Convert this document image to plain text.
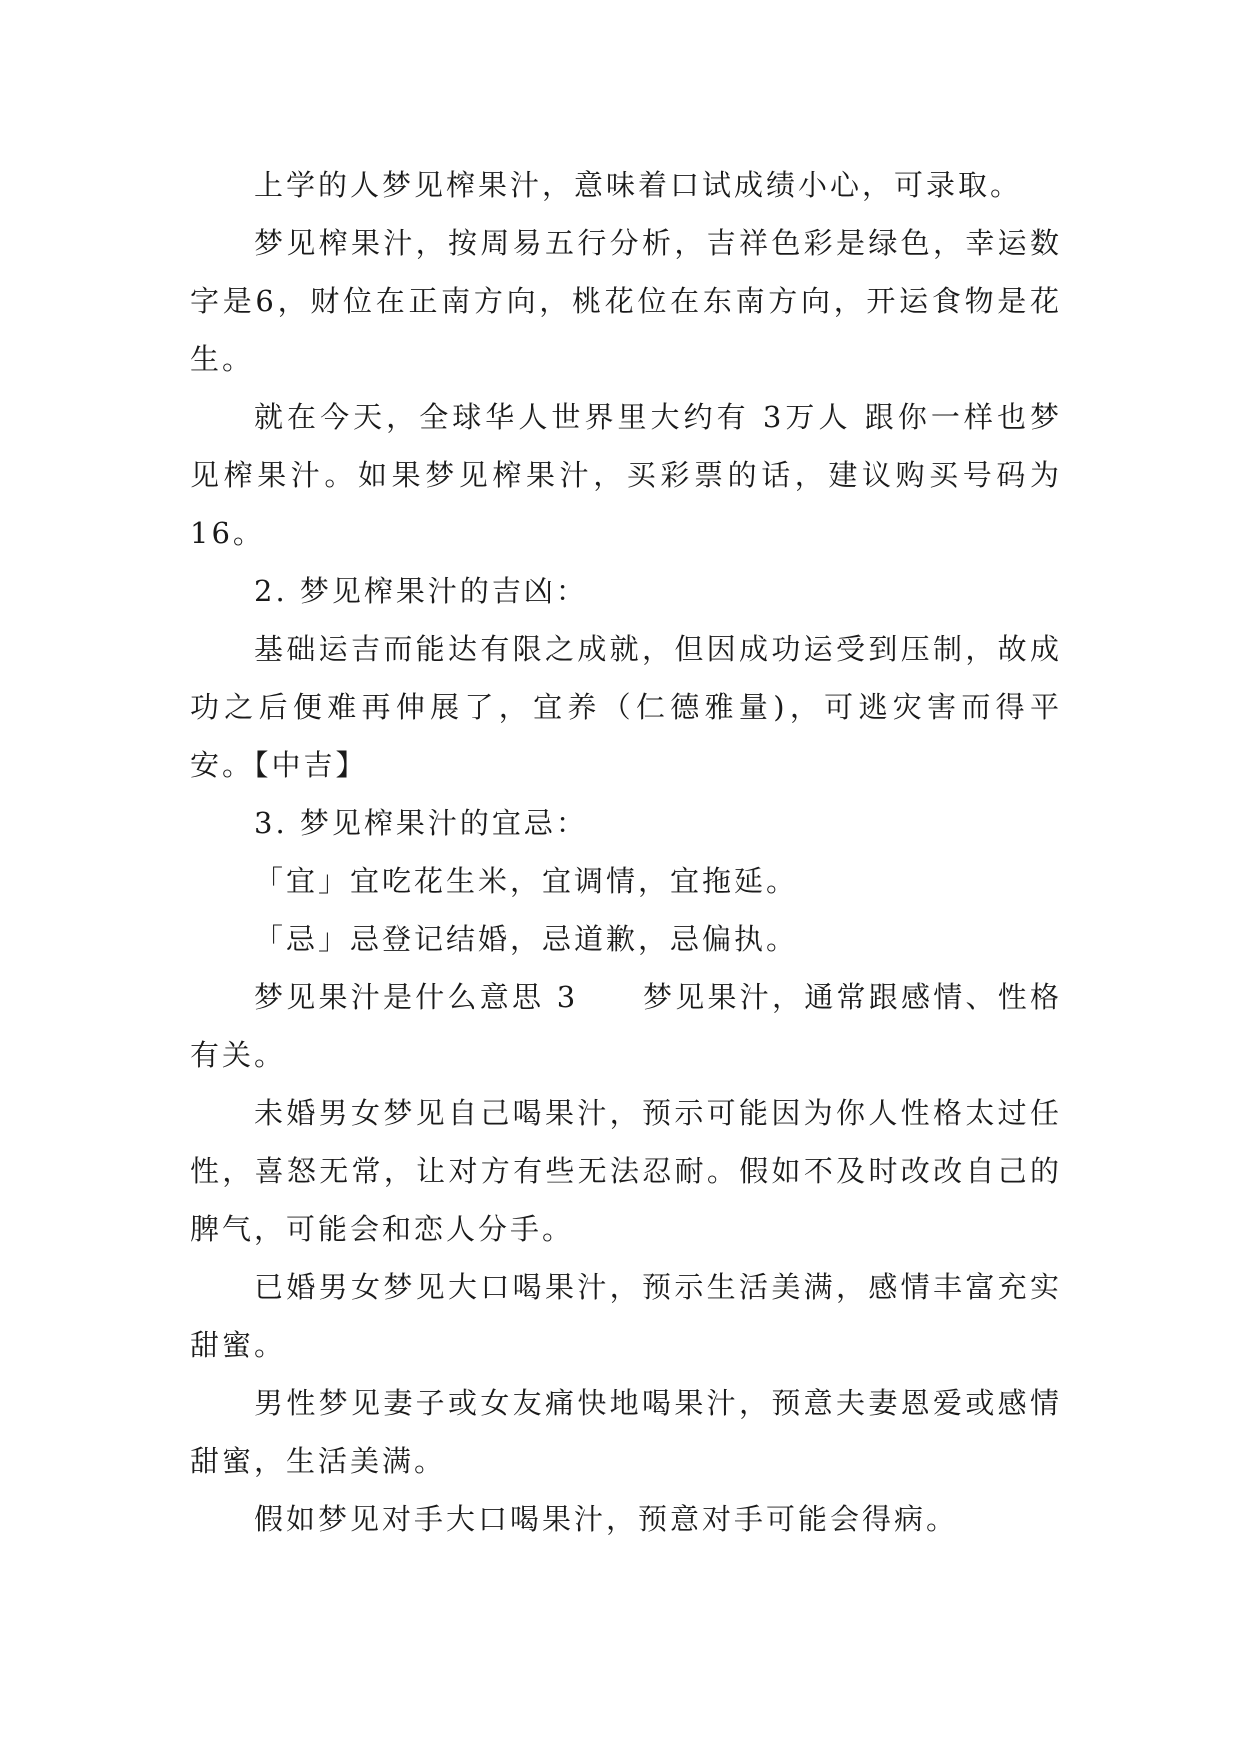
上学的人梦见榨果汁，意味着口试成绩小心，可录取。

梦见榨果汁，按周易五行分析，吉祥色彩是绿色，幸运数字是6，财位在正南方向，桃花位在东南方向，开运食物是花生。

就在今天，全球华人世界里大约有 3万人 跟你一样也梦见榨果汁。如果梦见榨果汁，买彩票的话，建议购买号码为 16。

2. 梦见榨果汁的吉凶：

基础运吉而能达有限之成就，但因成功运受到压制，故成功之后便难再伸展了，宜养（仁德雅量)，可逃灾害而得平安。【中吉】

3. 梦见榨果汁的宜忌：

「宜」宜吃花生米，宜调情，宜拖延。

「忌」忌登记结婚，忌道歉，忌偏执。

梦见果汁是什么意思 3　　梦见果汁，通常跟感情、性格有关。

未婚男女梦见自己喝果汁，预示可能因为你人性格太过任性，喜怒无常，让对方有些无法忍耐。假如不及时改改自己的脾气，可能会和恋人分手。

已婚男女梦见大口喝果汁，预示生活美满，感情丰富充实甜蜜。

男性梦见妻子或女友痛快地喝果汁，预意夫妻恩爱或感情甜蜜，生活美满。

假如梦见对手大口喝果汁，预意对手可能会得病。
